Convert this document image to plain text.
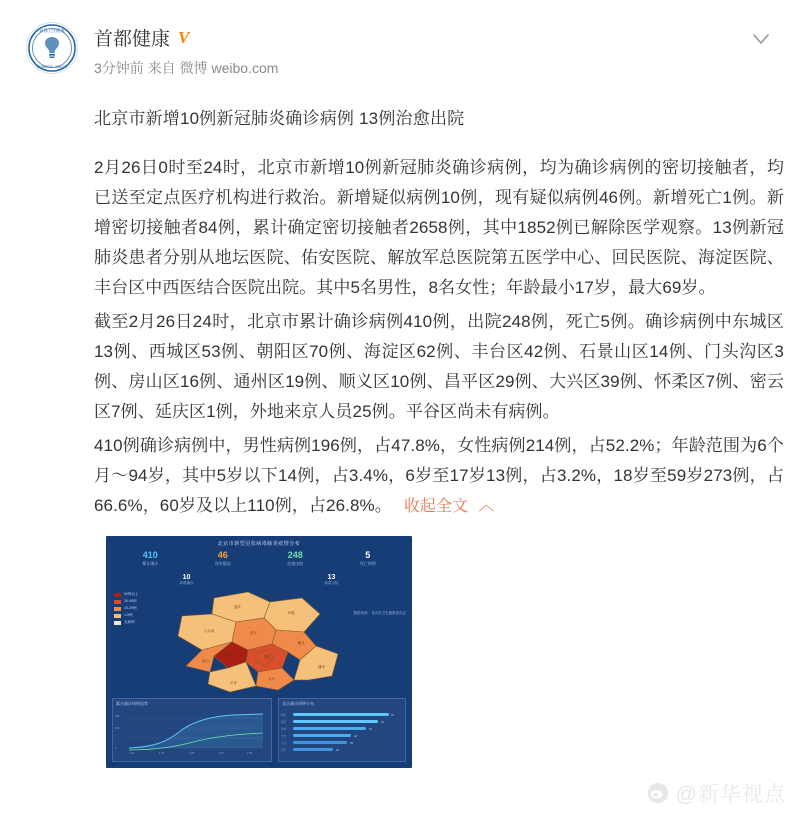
首都卫生健康
MUNICIPAL HEALTH
首都健康 V
3分钟前 来自 微博 weibo.com
北京市新增10例新冠肺炎确诊病例 13例治愈出院

2月26日0时至24时，北京市新增10例新冠肺炎确诊病例，均为确诊病例的密切接触者，均已送至定点医疗机构进行救治。新增疑似病例10例，现有疑似病例46例。新增死亡1例。新增密切接触者84例，累计确定密切接触者2658例，其中1852例已解除医学观察。13例新冠肺炎患者分别从地坛医院、佑安医院、解放军总医院第五医学中心、回民医院、海淀医院、丰台区中西医结合医院出院。其中5名男性，8名女性；年龄最小17岁，最大69岁。

截至2月26日24时，北京市累计确诊病例410例，出院248例，死亡5例。确诊病例中东城区13例、西城区53例、朝阳区70例、海淀区62例、丰台区42例、石景山区14例、门头沟区3例、房山区16例、通州区19例、顺义区10例、昌平区29例、大兴区39例、怀柔区7例、密云区7例、延庆区1例，外地来京人员25例。平谷区尚未有病例。

410例确诊病例中，男性病例196例，占47.8%，女性病例214例，占52.2%；年龄范围为6个月～94岁，其中5岁以下14例，占3.4%，6岁至17岁13例，占3.2%，18岁至59岁273例，占66.6%，60岁及以上110例，占26.8%。 收起全文 ︿

北京市新型冠状病毒肺炎疫情分布
410
累计确诊
46
现有疑似
248
治愈出院
5
死亡病例
10
新增确诊
13
新增出院
50例以上
30-49例
10-29例
1-9例
无病例
延庆
怀柔
门头沟	昌平
城区
大兴
丰台
房山
顺义
通州
平谷
数据来源：北京市卫生健康委员会
累计确诊病例趋势
0
200
400
1.20	1.31	2.08	2.17	2.26
各区确诊病例分布
朝阳
海淀
西城
丰台
大兴
昌平
70
62
53
42
39
29
@新华视点
